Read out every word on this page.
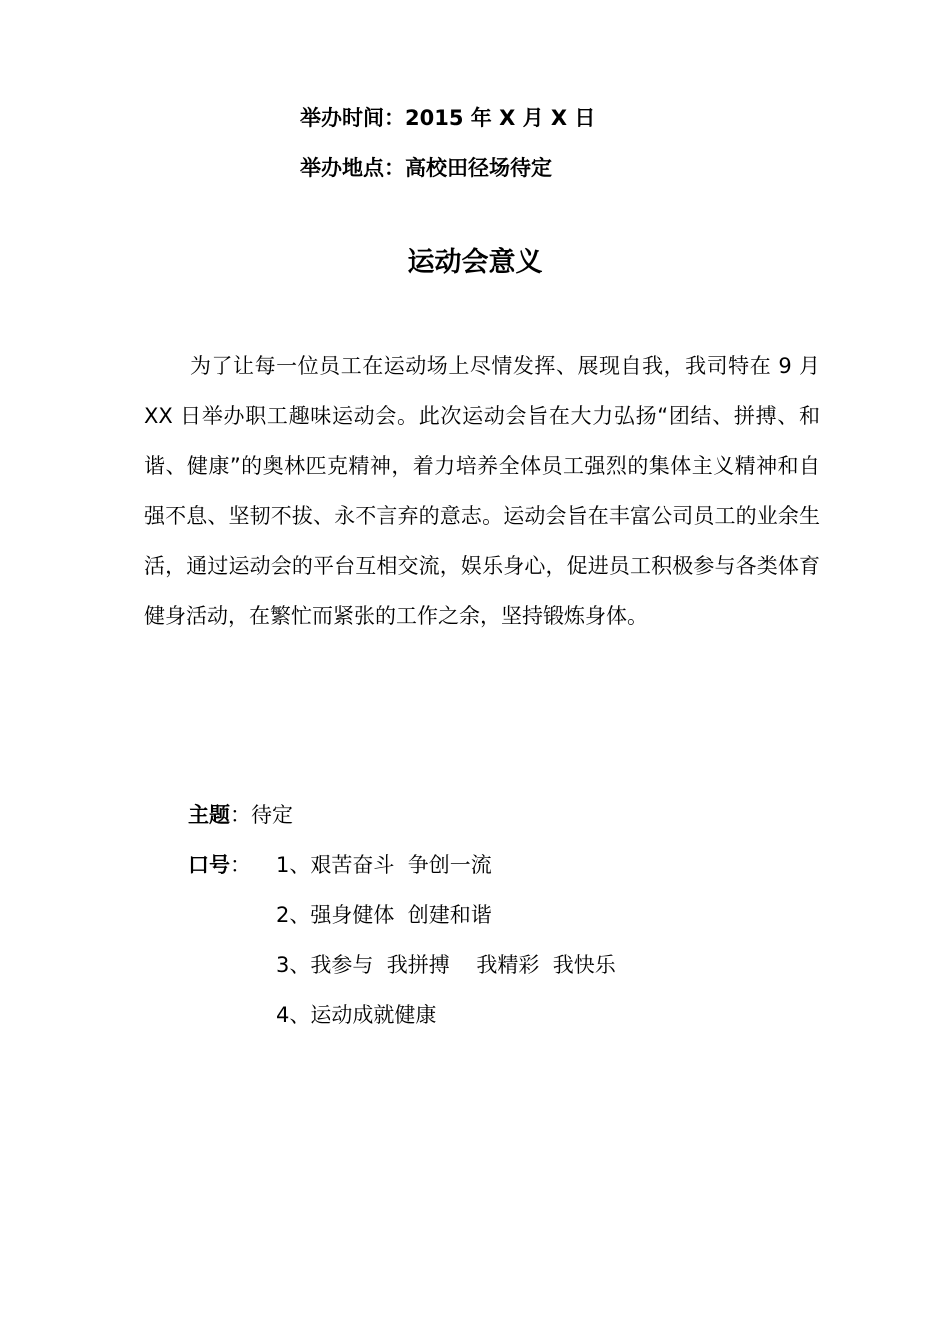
举办时间：2015 年 X 月 X 日
举办地点：高校田径场待定
运动会意义

为了让每一位员工在运动场上尽情发挥、展现自我，我司特在 9 月 XX 日举办职工趣味运动会。此次运动会旨在大力弘扬“团结、拼搏、和谐、健康”的奥林匹克精神，着力培养全体员工强烈的集体主义精神和自强不息、坚韧不拔、永不言弃的意志。运动会旨在丰富公司员工的业余生活，通过运动会的平台互相交流，娱乐身心，促进员工积极参与各类体育健身活动，在繁忙而紧张的工作之余，坚持锻炼身体。

主题：待定
口号： 1、艰苦奋斗  争创一流
2、强身健体  创建和谐
3、我参与  我拼搏    我精彩  我快乐
4、运动成就健康
